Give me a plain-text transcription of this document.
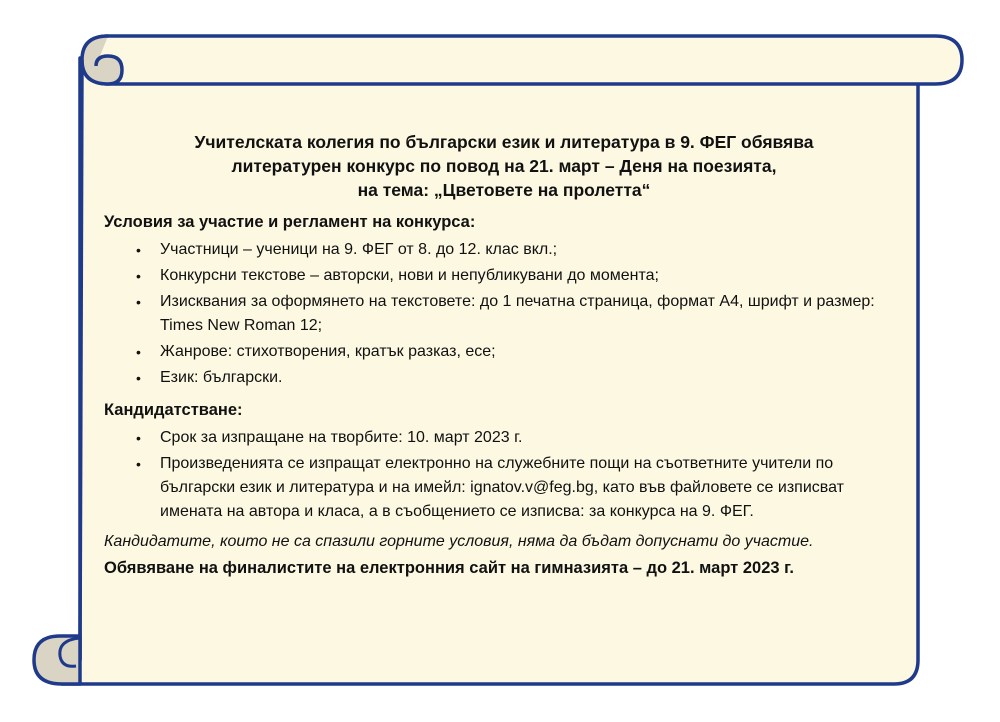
Учителската колегия по български език и литература в 9. ФЕГ обявява

литературен конкурс по повод на 21. март – Деня на поезията,

на тема: „Цветовете на пролетта“

Условия за участие и регламент на конкурса:

• Участници – ученици на 9. ФЕГ от 8. до 12. клас вкл.;
• Конкурсни текстове – авторски, нови и непубликувани до момента;
• Изисквания за оформянето на текстовете: до 1 печатна страница, формат А4, шрифт и размер: Times New Roman 12;
• Жанрове: стихотворения, кратък разказ, есе;
• Език: български.

Кандидатстване:

• Срок за изпращане на творбите: 10. март 2023 г.
• Произведенията се изпращат електронно на служебните пощи на съответните учители по български език и литература и на имейл: ignatov.v@feg.bg, като във файловете се изписват имената на автора и класа, а в съобщението се изписва: за конкурса на 9. ФЕГ.

Кандидатите, които не са спазили горните условия, няма да бъдат допуснати до участие.

Обявяване на финалистите на електронния сайт на гимназията – до 21. март 2023 г.
